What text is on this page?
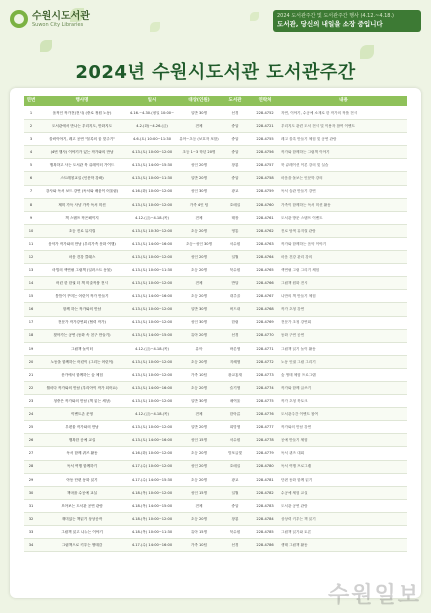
수원시도서관
Suwon City Libraries
2024 도서관주간 및 도서관주간 행사 (4.12.~4.18.)
도서관, 당신의 내일을 소장 중입니다
2024년 수원시도서관 도서관주간
연번	행사명	일시	대상(인원)	도서관	연락처	내용
1	움직인 작가전(전시) (중로 정원 노동)	4.16.~4.30.(평일 10:00~	일반 30명	선경	228-4752	자연, 이야기, 수공예 소재로 한 작가의 작품 전시
2	도서관에서 만나는 우리지도, 만화지도	4.2.(화)~4.26.(금)	전체	중앙	228-4721	우리지도 관련 도서 전시 및 이용자 참여 이벤트
3	블럭이야기, 레고 공연 "블록의 꿈 맞주기"	4.6.(토) 10:00~11:30	유아~초등 (보호자 포함)	중앙	228-4755	레고 블록 만들기 체험 및 공연 관람
4	(4번 행사) 이야기가 있는 작가와의 만남	4.13.(토) 10:00~12:00	초등 1~3 학년 20명	중앙	228-4756	작가와 함께하는 그림책 이야기
5	행복하고 사는 도서관 북 큐레이터 가이드	4.13.(토) 14:00~15:30	성인 20명	창룡	228-4757	북 큐레이션 이론 강의 및 실습
6	스트레칭교실 (인문학 강좌)	4.13.(토) 10:00~11:30	일반 20명	중앙	228-4758	마음을 돌보는 인문학 강의
7	강사와 독서 보드 강연 (독서와 배움이 어울림)	4.16.(화) 10:00~12:00	성인 30명	광교	228-4759	독서 습관 만들기 강연
8	제미 가득 사냥 가족 독서 미션	4.13.(토) 10:00~12:00	가족 4인 팀	호매실	228-4760	가족이 함께하는 독서 미션 활동
9	책 스탬프 작은페이지	4.12.(금)~4.18.(목)	전체	태장	228-4761	도서관 방문 스탬프 이벤트
10	초등 진로 뮤지컬	4.13.(토) 10:30~12:00	초등 20명	영통	228-4762	진로 탐색 뮤지컬 관람
11	음악가 작가와의 만남 (우리가족 문화 여행)	4.13.(토) 14:00~16:00	초등~성인 30명	서수원	228-4763	작가와 함께하는 음악 이야기
12	마음 건강 클래스	4.13.(토) 10:00~12:00	성인 20명	일월	228-4764	마음 건강 관리 강의
13	마법의 색연필 그림책 (일러스트 동물)	4.13.(토) 10:00~11:30	초등 20명	북수원	228-4765	색연필 그림 그리기 체험
14	어린 한 한권 더 책 미술작품 전시	4.13.(토) 10:00~12:00	전체	반달	228-4766	그림책 원화 전시
15	틈틈이 꾸미는 어린이 작가 만들기	4.13.(토) 14:00~16:00	초등 20명	대추골	228-4767	나만의 책 만들기 체험
16	함께 하는 작가와의 만남	4.13.(토) 10:00~12:00	일반 30명	버드내	228-4768	작가 초청 강연
17	전문가 작가강연회 (협력 작가)	4.13.(토) 10:00~12:00	성인 30명	한림	228-4769	전문가 초청 강연회
18	찾아가는 공연 (동화 속 친구 만들기)	4.13.(토) 14:00~15:00	유아 20명	선경	228-4770	동화 구연 공연
19	그림책 놀이터	4.12.(금)~4.18.(목)	유아	바른샘	228-4771	그림책 읽기 놀이 활동
20	노동을 함께하는 어린이 (그리는 어린이)	4.13.(토) 10:00~12:00	초등 20명	지혜샘	228-4772	노동 인권 그림 그리기
21	문가에서 함께하는 숲 체험	4.13.(토) 10:00~12:00	가족 10팀	광교홍재	228-4773	숲 생태 체험 프로그램
22	월마다 작가와의 만남 (우리아이 작가 되어요)	4.13.(토) 14:00~16:00	초등 20명	슬기샘	228-4774	작가와 함께 글쓰기
23	청중은 작가와의 만남 (책 읽는 세상)	4.13.(토) 10:00~12:00	일반 30명	매여울	228-4775	작가 초청 북토크
24	이벤트존 운영	4.12.(금)~4.18.(목)	전체	한아름	228-4776	도서관주간 이벤트 참여
25	우편물 작가와의 만남	4.13.(토) 10:00~12:00	일반 20명	희망샘	228-4777	작가와의 만남 강연
26	행복한 공예 교실	4.13.(토) 14:00~16:00	성인 15명	서수원	228-4778	공예 만들기 체험
27	독서 함께 퀴즈 활동	4.16.(화) 10:00~12:00	초등 20명	망포글빛	228-4779	독서 퀴즈 대회
28	독서 여행 함께하기	4.17.(수) 10:00~12:00	성인 20명	호매실	228-4780	독서 여행 프로그램
29	아동 단편 동화 읽기	4.17.(수) 14:00~15:30	초등 20명	광교	228-4781	단편 동화 함께 읽기
30	책마을 수공예 교실	4.18.(목) 10:00~12:00	성인 15명	일월	228-4782	수공예 체험 교실
31	모아보는 도서관 공연 관람	4.18.(목) 14:00~15:00	전체	중앙	228-4783	도서관 공연 관람
32	재미있는 책읽기 상상공작	4.18.(목) 10:00~12:00	초등 20명	창룡	228-4784	상상력 키우는 책 읽기
33	그림책 읽고 나누는 이야기	4.18.(목) 10:00~11:30	유아 15명	북수원	228-4785	그림책 읽기와 토론
34	그림책으로 키우는 생태감	4.17.(수) 14:00~16:00	가족 10팀	선경	228-4786	생태 그림책 활동
수원일보
